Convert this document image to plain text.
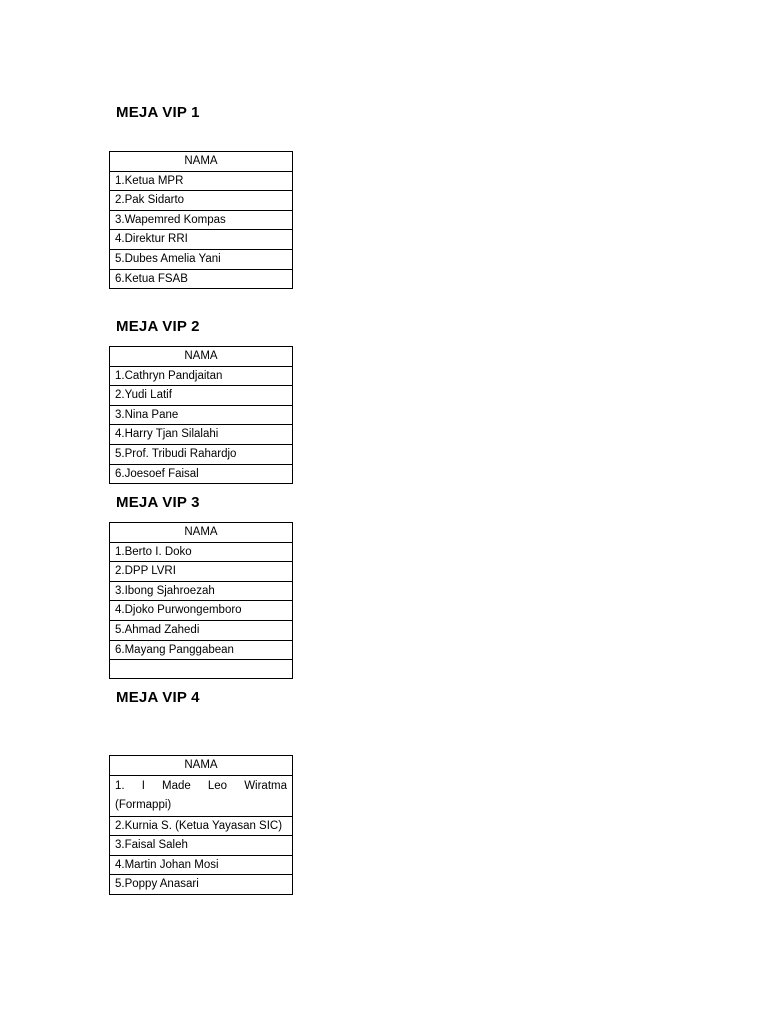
MEJA VIP 1
NAMA
1.Ketua MPR
2.Pak Sidarto
3.Wapemred Kompas
4.Direktur RRI
5.Dubes Amelia Yani
6.Ketua FSAB
MEJA VIP 2
NAMA
1.Cathryn Pandjaitan
2.Yudi Latif
3.Nina Pane
4.Harry Tjan Silalahi
5.Prof. Tribudi Rahardjo
6.Joesoef Faisal
MEJA VIP 3
NAMA
1.Berto I. Doko
2.DPP LVRI
3.Ibong Sjahroezah
4.Djoko Purwongemboro
5.Ahmad Zahedi
6.Mayang Panggabean

MEJA VIP 4
NAMA
1. I Made Leo Wiratma (Formappi)
2.Kurnia S. (Ketua Yayasan SIC)
3.Faisal Saleh
4.Martin Johan Mosi
5.Poppy Anasari
